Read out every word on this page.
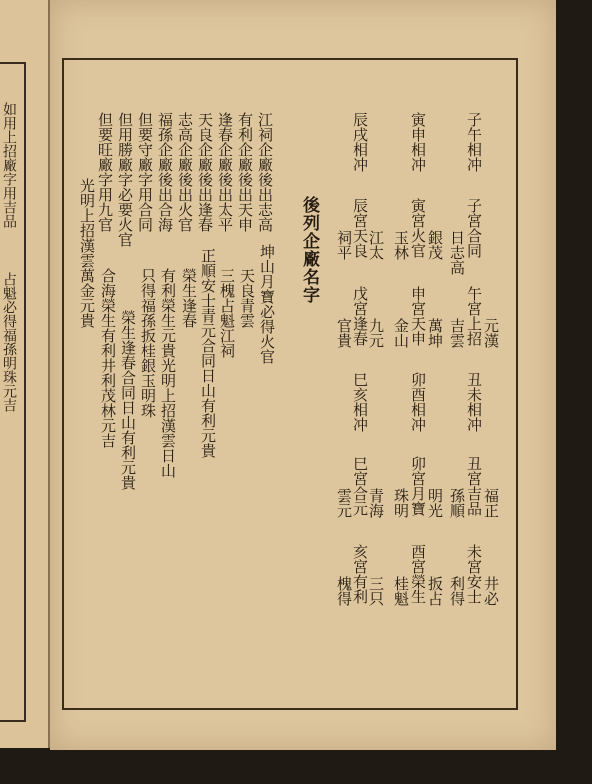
如用上招廠字用吉品
占魁必得福孫明珠元吉
江祠企廠後出志高
有利企廠後出天申
坤山月寶必得火官
逢春企廠後出太平
天良青雲
天良企廠後出逢春
三槐占魁江祠
志高企廠後出火官
正順安士青元合同日山有利元貴
福孫企廠後出合海
榮生逢春
但要守廠字用合同
有利榮生元貴光明上招漢雲日山
但用勝廠字必要火官
只得福孫扳桂銀玉明珠
榮生逢春合同日山有利元貴
但要旺廠字用九官
光明上招漢雲萬金元貴
合海榮生有利井利茂林元吉
後列企廠名字
子午相冲
寅申相冲
辰戌相冲
子宮合同
日志高
寅宮火官 銀茂
玉林
辰宮天良
江太
祠平
午宮上招 元漢
吉雲
申宮天申 萬坤
金山
戊宮逢春
九元
官貴
丑未相冲
卯酉相冲
巳亥相冲
丑宮吉品 福正
孫順
卯宮月寶 明光
珠明
巳宮合元
青海
雲元
未宮安士 井必
利得
酉宮榮生 扳占
桂魁
亥宮有利
三只
槐得
